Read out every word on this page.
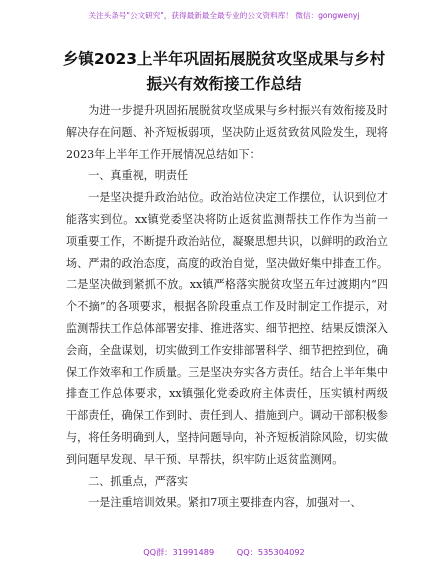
关注头条号"公文研究"，获得最新最全最专业的公文资料库！ 微信：gongwenyj
乡镇2023上半年巩固拓展脱贫攻坚成果与乡村
振兴有效衔接工作总结

为进一步提升巩固拓展脱贫攻坚成果与乡村振兴有效衔接及时解决存在问题、补齐短板弱项，坚决防止返贫致贫风险发生，现将2023年上半年工作开展情况总结如下：

一、真重视，明责任

一是坚决提升政治站位。政治站位决定工作摆位，认识到位才能落实到位。xx镇党委坚决将防止返贫监测帮扶工作作为当前一项重要工作，不断提升政治站位，凝聚思想共识，以鲜明的政治立场、严肃的政治态度，高度的政治自觉，坚决做好集中排查工作。二是坚决做到紧抓不放。xx镇严格落实脱贫攻坚五年过渡期内“四个不摘”的各项要求，根据各阶段重点工作及时制定工作提示，对监测帮扶工作总体部署安排、推进落实、细节把控、结果反馈深入会商，全盘谋划，切实做到工作安排部署科学、细节把控到位，确保工作效率和工作质量。三是坚决夯实各方责任。结合上半年集中排查工作总体要求，xx镇强化党委政府主体责任，压实镇村两级干部责任，确保工作到时、责任到人、措施到户。调动干部积极参与，将任务明确到人，坚持问题导向，补齐短板消除风险，切实做到问题早发现、早干预、早帮扶，织牢防止返贫监测网。

二、抓重点，严落实

一是注重培训效果。紧扣7项主要排查内容，加强对一、

QQ群：31991489	QQ：535304092
